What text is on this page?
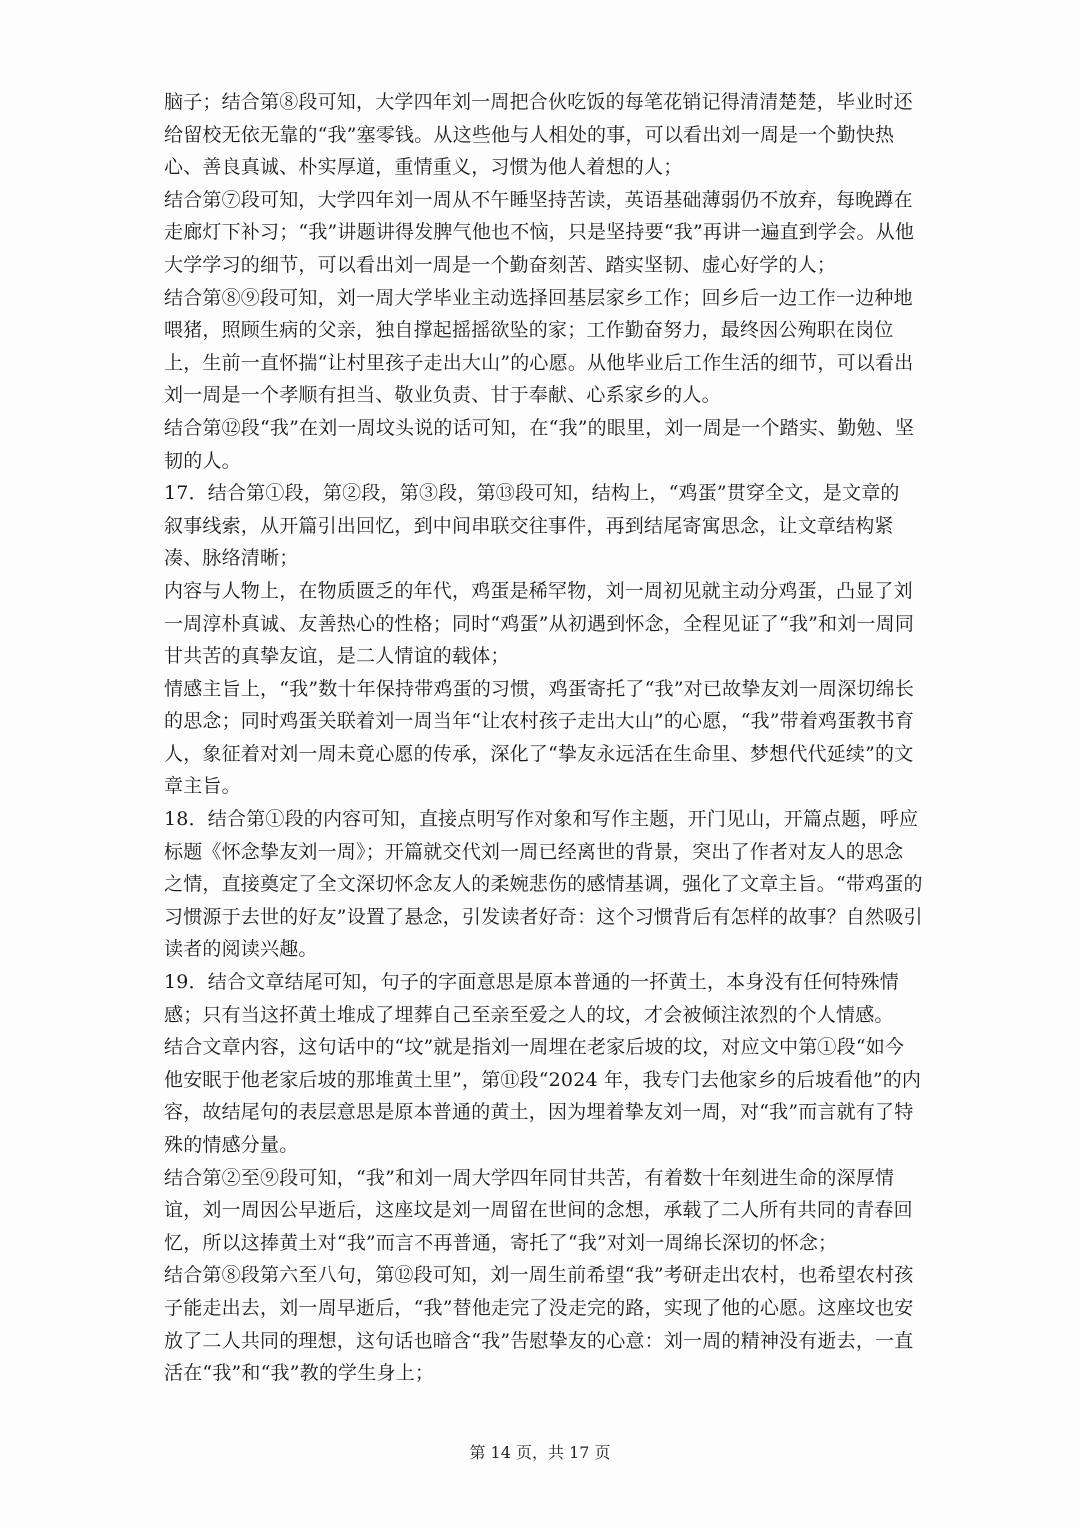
脑子；结合第⑧段可知，大学四年刘一周把合伙吃饭的每笔花销记得清清楚楚，毕业时还
给留校无依无靠的“我”塞零钱。从这些他与人相处的事，可以看出刘一周是一个勤快热
心、善良真诚、朴实厚道，重情重义，习惯为他人着想的人；
结合第⑦段可知，大学四年刘一周从不午睡坚持苦读，英语基础薄弱仍不放弃，每晚蹲在
走廊灯下补习；“我”讲题讲得发脾气他也不恼，只是坚持要“我”再讲一遍直到学会。从他
大学学习的细节，可以看出刘一周是一个勤奋刻苦、踏实坚韧、虚心好学的人；
结合第⑧⑨段可知，刘一周大学毕业主动选择回基层家乡工作；回乡后一边工作一边种地
喂猪，照顾生病的父亲，独自撑起摇摇欲坠的家；工作勤奋努力，最终因公殉职在岗位
上，生前一直怀揣“让村里孩子走出大山”的心愿。从他毕业后工作生活的细节，可以看出
刘一周是一个孝顺有担当、敬业负责、甘于奉献、心系家乡的人。
结合第⑫段“我”在刘一周坟头说的话可知，在“我”的眼里，刘一周是一个踏实、勤勉、坚
韧的人。
17．结合第①段，第②段，第③段，第⑬段可知，结构上，“鸡蛋”贯穿全文，是文章的
叙事线索，从开篇引出回忆，到中间串联交往事件，再到结尾寄寓思念，让文章结构紧
凑、脉络清晰；
内容与人物上，在物质匮乏的年代，鸡蛋是稀罕物，刘一周初见就主动分鸡蛋，凸显了刘
一周淳朴真诚、友善热心的性格；同时“鸡蛋”从初遇到怀念，全程见证了“我”和刘一周同
甘共苦的真挚友谊，是二人情谊的载体；
情感主旨上，“我”数十年保持带鸡蛋的习惯，鸡蛋寄托了“我”对已故挚友刘一周深切绵长
的思念；同时鸡蛋关联着刘一周当年“让农村孩子走出大山”的心愿，“我”带着鸡蛋教书育
人，象征着对刘一周未竟心愿的传承，深化了“挚友永远活在生命里、梦想代代延续”的文
章主旨。
18．结合第①段的内容可知，直接点明写作对象和写作主题，开门见山，开篇点题，呼应
标题《怀念挚友刘一周》；开篇就交代刘一周已经离世的背景，突出了作者对友人的思念
之情，直接奠定了全文深切怀念友人的柔婉悲伤的感情基调，强化了文章主旨。“带鸡蛋的
习惯源于去世的好友”设置了悬念，引发读者好奇：这个习惯背后有怎样的故事？自然吸引
读者的阅读兴趣。
19．结合文章结尾可知，句子的字面意思是原本普通的一抔黄土，本身没有任何特殊情
感；只有当这抔黄土堆成了埋葬自己至亲至爱之人的坟，才会被倾注浓烈的个人情感。
结合文章内容，这句话中的“坟”就是指刘一周埋在老家后坡的坟，对应文中第①段“如今
他安眠于他老家后坡的那堆黄土里”，第⑪段“2024 年，我专门去他家乡的后坡看他”的内
容，故结尾句的表层意思是原本普通的黄土，因为埋着挚友刘一周，对“我”而言就有了特
殊的情感分量。
结合第②至⑨段可知，“我”和刘一周大学四年同甘共苦，有着数十年刻进生命的深厚情
谊，刘一周因公早逝后，这座坟是刘一周留在世间的念想，承载了二人所有共同的青春回
忆，所以这捧黄土对“我”而言不再普通，寄托了“我”对刘一周绵长深切的怀念；
结合第⑧段第六至八句，第⑫段可知，刘一周生前希望“我”考研走出农村，也希望农村孩
子能走出去，刘一周早逝后，“我”替他走完了没走完的路，实现了他的心愿。这座坟也安
放了二人共同的理想，这句话也暗含“我”告慰挚友的心意：刘一周的精神没有逝去，一直
活在“我”和“我”教的学生身上；
第 14 页，共 17 页
